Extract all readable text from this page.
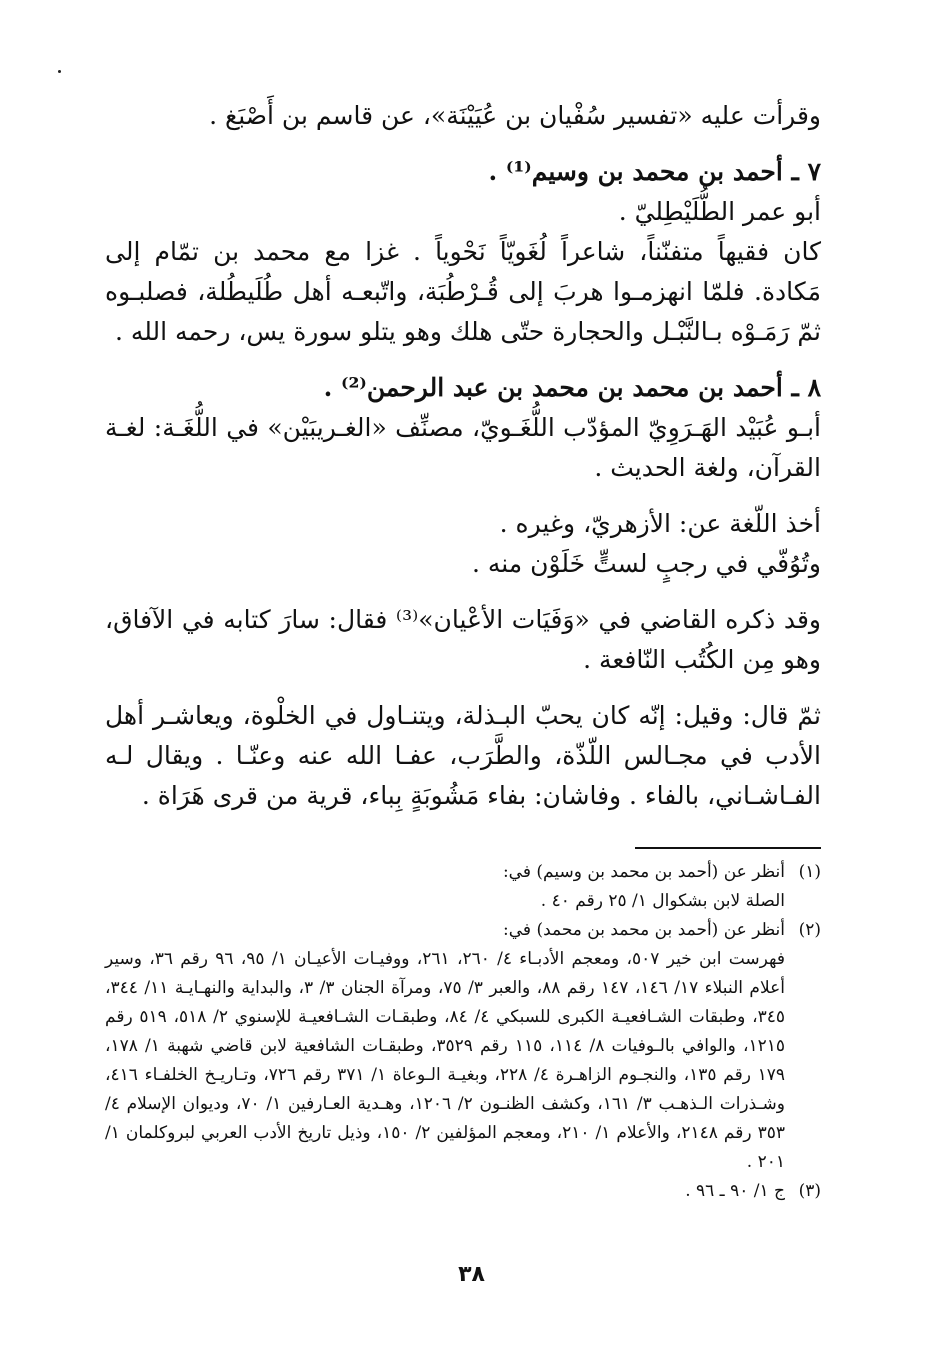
وقرأت عليه «تفسير سُفْيان بن عُيَيْنَة»، عن قاسم بن أَصْبَغ .

٧ ـ أحمد بن محمد بن وسيم⁽¹⁾ .

أبو عمر الطُّلَيْطِليّ .

كان فقيهاً متفنّناً، شاعراً لُغَويّاً نَحْوياً . غزا مع محمد بن تمّام إلى مَكادة. فلمّا انهزمـوا هربَ إلى قُـرْطُبَة، واتّبعـه أهل طُلَيطُلة، فصلبـوه ثمّ رَمَـوْه بـالنَّبْـل والحجارة حتّى هلك وهو يتلو سورة يس، رحمه الله .

٨ ـ أحمد بن محمد بن محمد بن عبد الرحمن⁽²⁾ .

أبـو عُبَيْد الهَـرَوِيّ المؤدّب اللُّغَـويّ، مصنِّف «الغـريبَيْن» في اللُّغَـة: لغـة القرآن، ولغة الحديث .

أخذ اللّغة عن: الأزهريّ، وغيره .

وتُوُفّي في رجبٍ لستٍّ خَلَوْن منه .

وقد ذكره القاضي في «وَفَيَات الأعْيان»⁽³⁾ فقال: سارَ كتابه في الآفاق، وهو مِن الكُتُب النّافعة .

ثمّ قال: وقيل: إنّه كان يحبّ البـذلة، ويتنـاول في الخلْوة، ويعاشـر أهل الأدب في مجـالس اللّذّة، والطَّرَب، عفـا الله عنه وعنّـا . ويقال لـه الفـاشـاني، بالفاء . وفاشان: بفاء مَشُوبَةٍ بِباء، قرية من قرى هَرَاة .

(١)
أنظر عن (أحمد بن محمد بن وسيم) في:
الصلة لابن بشكوال ١/ ٢٥ رقم ٤٠ .
(٢)
أنظر عن (أحمد بن محمد بن محمد) في:
فهرست ابن خير ٥٠٧، ومعجم الأدبـاء ٤/ ٢٦٠، ٢٦١، ووفيـات الأعيـان ١/ ٩٥، ٩٦ رقم ٣٦، وسير أعلام النبلاء ١٧/ ١٤٦، ١٤٧ رقم ٨٨، والعبر ٣/ ٧٥، ومرآة الجنان ٣/ ٣، والبداية والنهـايـة ١١/ ٣٤٤، ٣٤٥، وطبقات الشـافعيـة الكبرى للسبكي ٤/ ٨٤، وطبقـات الشـافعيـة للإسنوي ٢/ ٥١٨، ٥١٩ رقم ١٢١٥، والوافي بالـوفيات ٨/ ١١٤، ١١٥ رقم ٣٥٢٩، وطبقـات الشافعية لابن قاضي شهبة ١/ ١٧٨، ١٧٩ رقم ١٣٥، والنجـوم الزاهـرة ٤/ ٢٢٨، وبغيـة الـوعاة ١/ ٣٧١ رقم ٧٢٦، وتـاريـخ الخلفـاء ٤١٦، وشـذرات الـذهـب ٣/ ١٦١، وكشف الظنـون ٢/ ١٢٠٦، وهـدية العـارفين ١/ ٧٠، وديوان الإسلام ٤/ ٣٥٣ رقم ٢١٤٨، والأعلام ١/ ٢١٠، ومعجم المؤلفين ٢/ ١٥٠، وذيل تاريخ الأدب العربي لبروكلمان ١/ ٢٠١ .
(٣)
ج ١/ ٩٠ ـ ٩٦ .
٣٨
